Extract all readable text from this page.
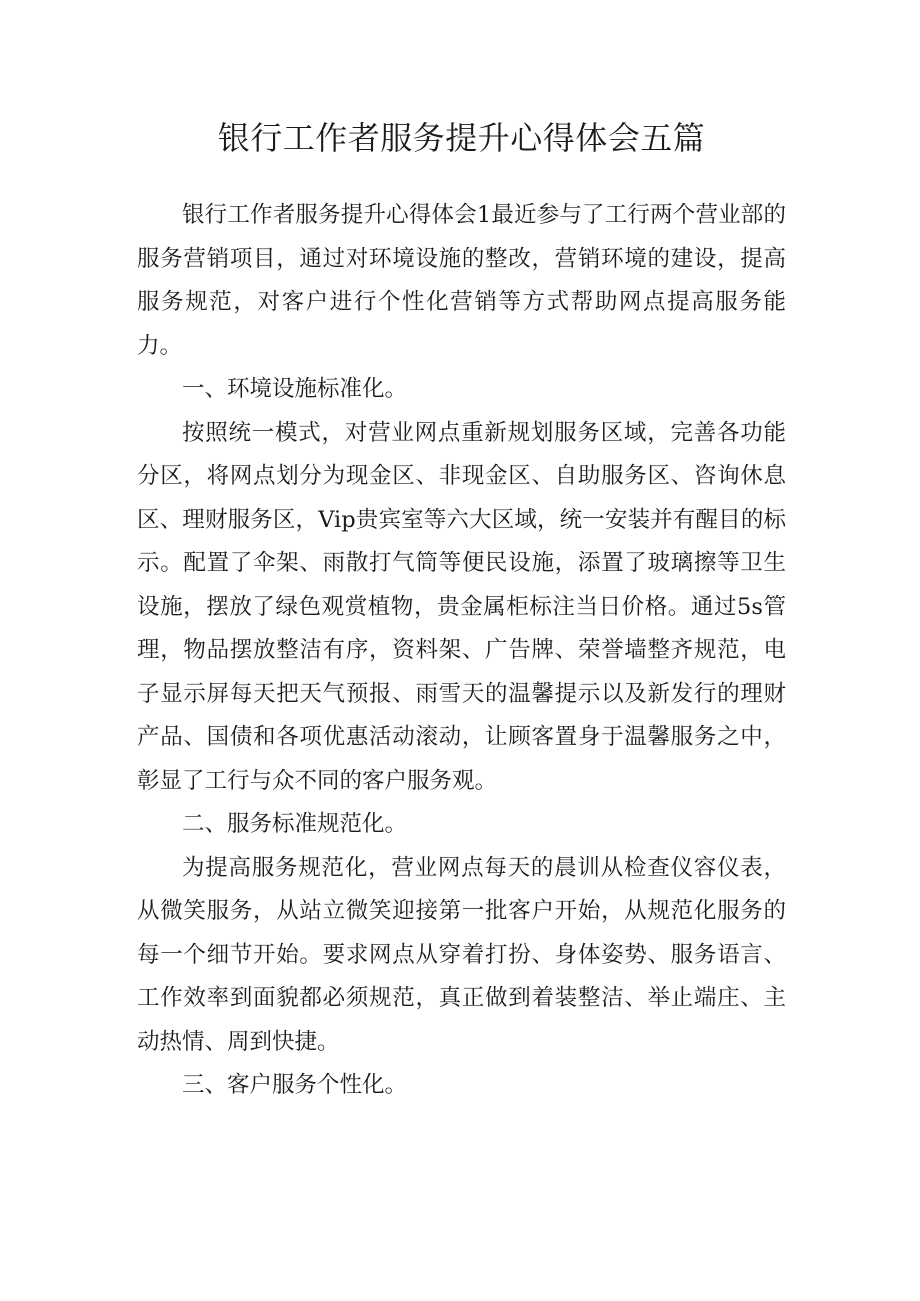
银行工作者服务提升心得体会五篇

银行工作者服务提升心得体会1最近参与了工行两个营业部的服务营销项目，通过对环境设施的整改，营销环境的建设，提高服务规范，对客户进行个性化营销等方式帮助网点提高服务能力。

一、环境设施标准化。

按照统一模式，对营业网点重新规划服务区域，完善各功能分区，将网点划分为现金区、非现金区、自助服务区、咨询休息区、理财服务区，Vip贵宾室等六大区域，统一安装并有醒目的标示。配置了伞架、雨散打气筒等便民设施，添置了玻璃擦等卫生设施，摆放了绿色观赏植物，贵金属柜标注当日价格。通过5s管理，物品摆放整洁有序，资料架、广告牌、荣誉墙整齐规范，电子显示屏每天把天气预报、雨雪天的温馨提示以及新发行的理财产品、国债和各项优惠活动滚动，让顾客置身于温馨服务之中，彰显了工行与众不同的客户服务观。

二、服务标准规范化。

为提高服务规范化，营业网点每天的晨训从检查仪容仪表，从微笑服务，从站立微笑迎接第一批客户开始，从规范化服务的每一个细节开始。要求网点从穿着打扮、身体姿势、服务语言、工作效率到面貌都必须规范，真正做到着装整洁、举止端庄、主动热情、周到快捷。

三、客户服务个性化。
